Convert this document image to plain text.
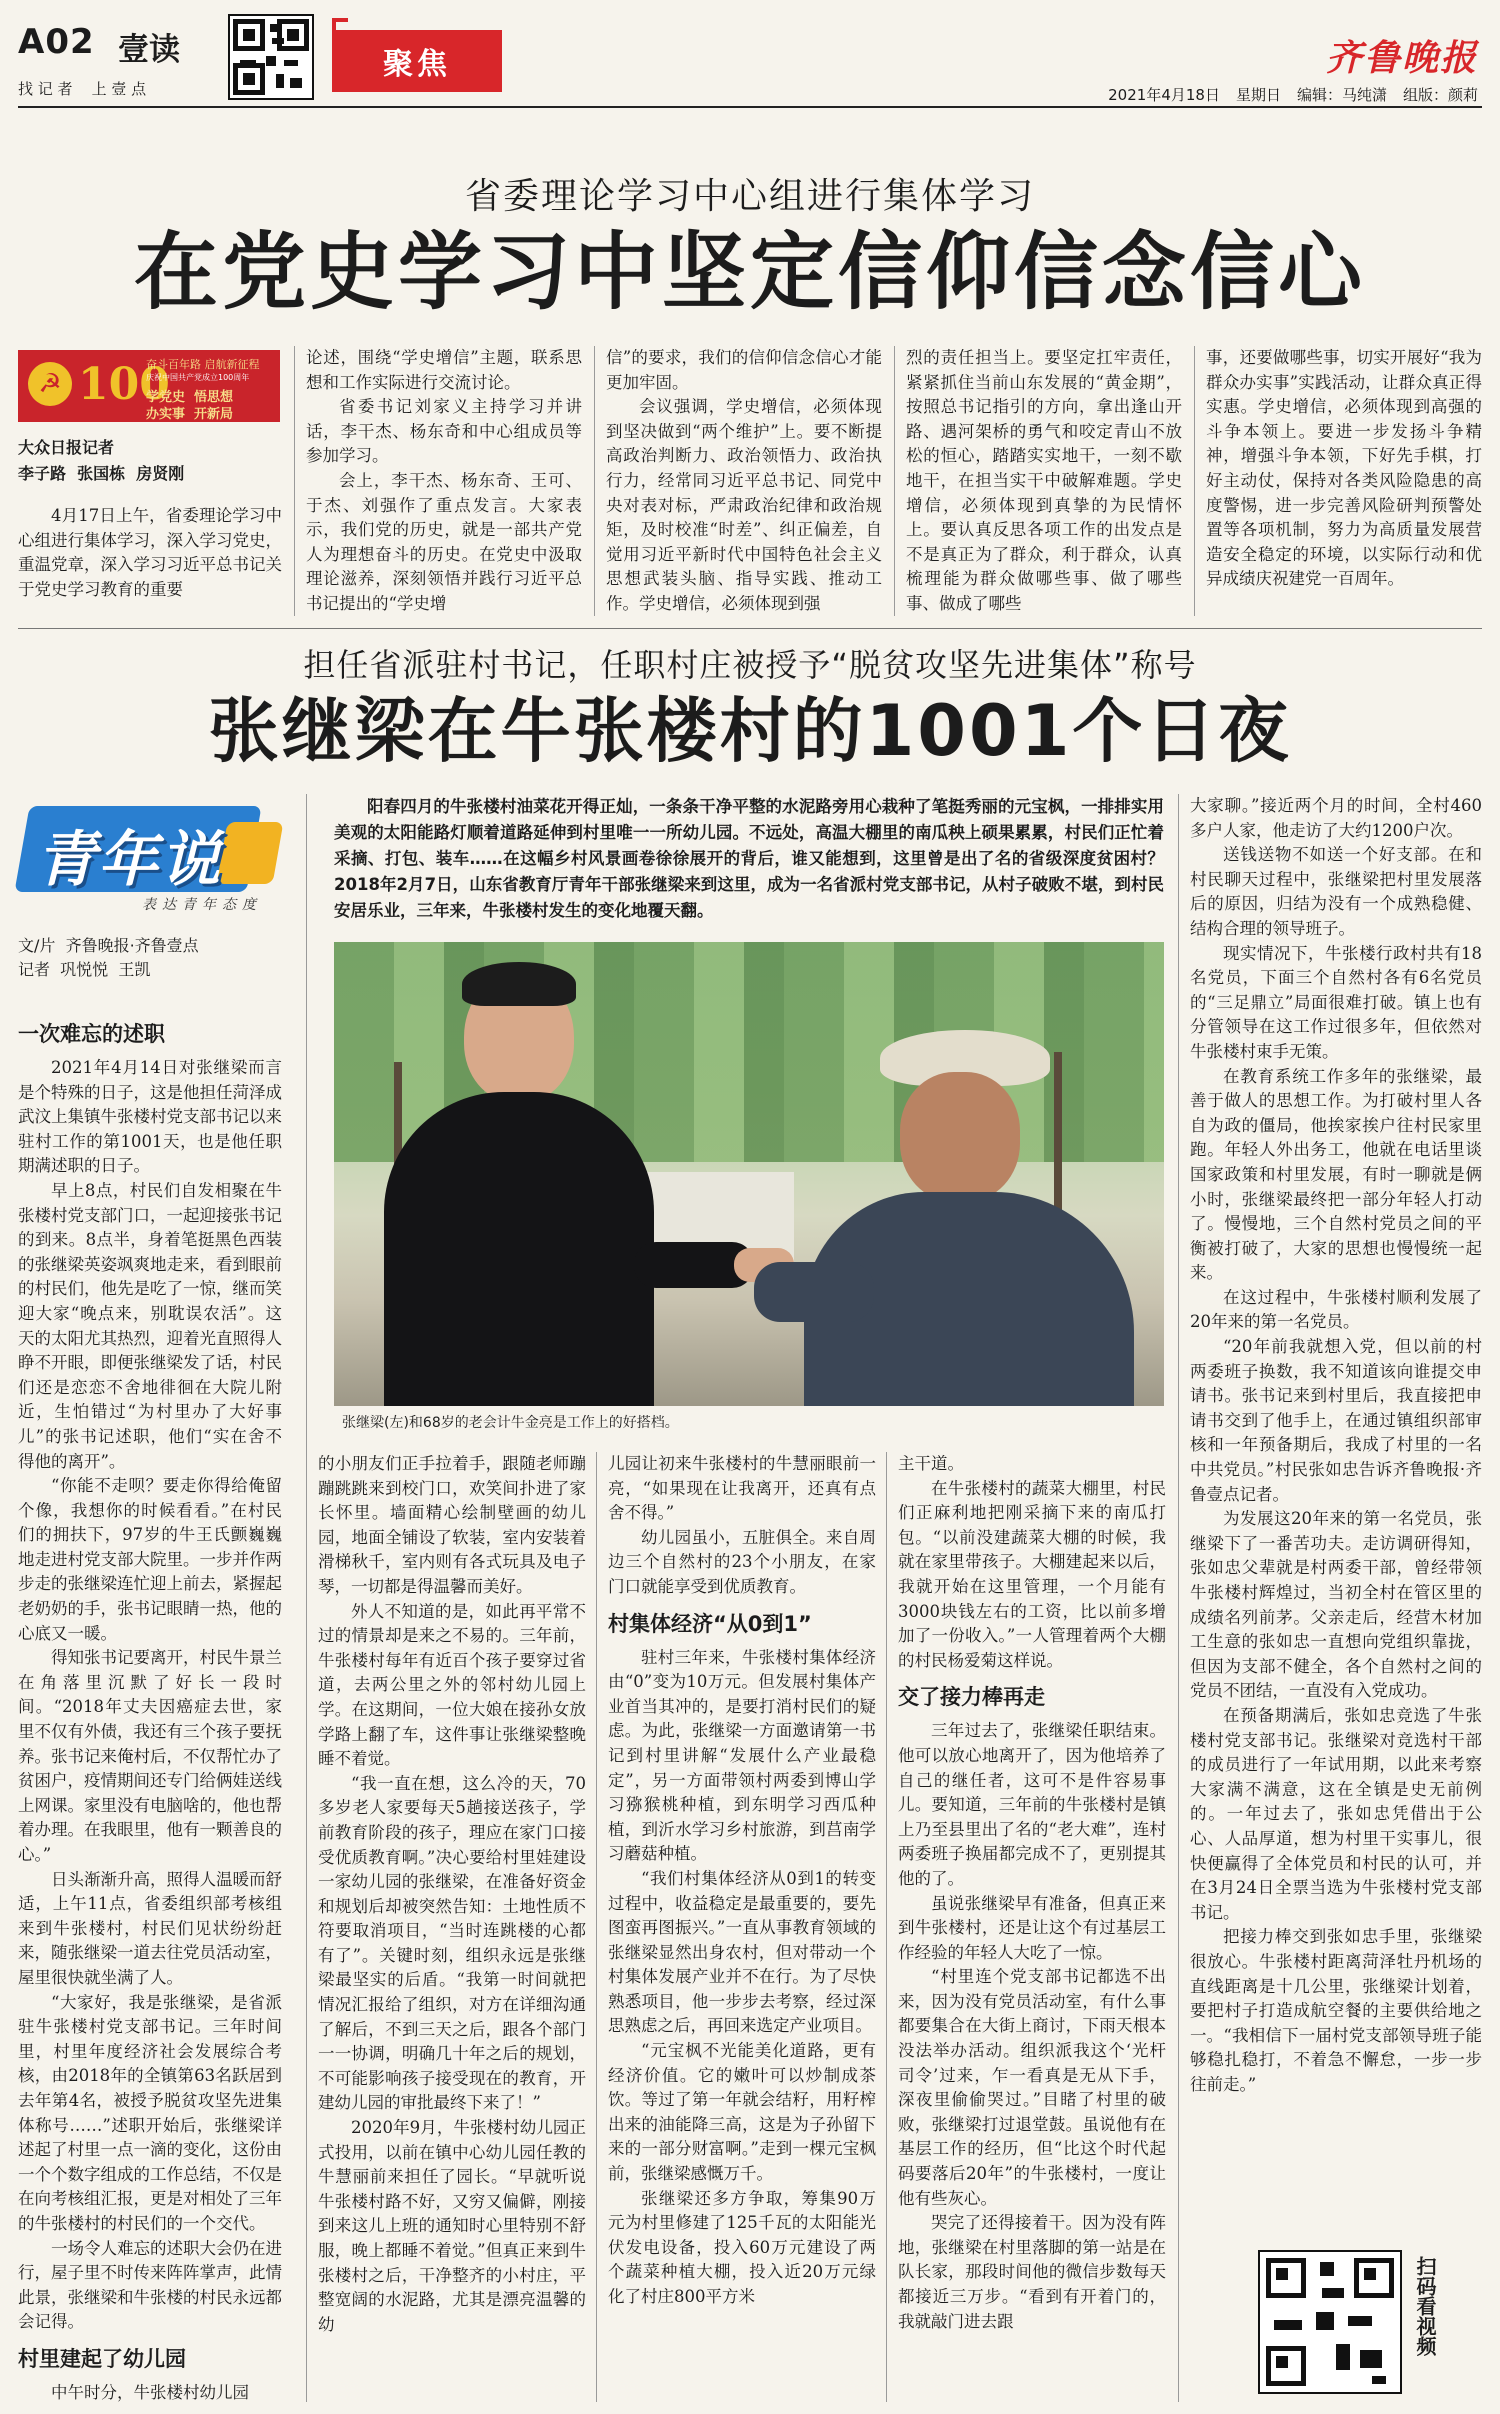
A02 壹读
找 记 者    上 壹 点
聚焦	齐鲁晚报
2021年4月18日 星期日 编辑：马纯潇 组版：颜莉
省委理论学习中心组进行集体学习
在党史学习中坚定信仰信念信心
☭ 100
奋斗百年路 启航新征程
庆祝中国共产党成立100周年
学党史  悟思想
办实事  开新局
大众日报记者
李子路  张国栋  房贤刚

4月17日上午，省委理论学习中心组进行集体学习，深入学习党史，重温党章，深入学习习近平总书记关于党史学习教育的重要

论述，围绕“学史增信”主题，联系思想和工作实际进行交流讨论。

省委书记刘家义主持学习并讲话，李干杰、杨东奇和中心组成员等参加学习。

会上，李干杰、杨东奇、王可、于杰、刘强作了重点发言。大家表示，我们党的历史，就是一部共产党人为理想奋斗的历史。在党史中汲取理论滋养，深刻领悟并践行习近平总书记提出的“学史增

信”的要求，我们的信仰信念信心才能更加牢固。

会议强调，学史增信，必须体现到坚决做到“两个维护”上。要不断提高政治判断力、政治领悟力、政治执行力，经常同习近平总书记、同党中央对表对标，严肃政治纪律和政治规矩，及时校准“时差”、纠正偏差，自觉用习近平新时代中国特色社会主义思想武装头脑、指导实践、推动工作。学史增信，必须体现到强

烈的责任担当上。要坚定扛牢责任，紧紧抓住当前山东发展的“黄金期”，按照总书记指引的方向，拿出逢山开路、遇河架桥的勇气和咬定青山不放松的恒心，踏踏实实地干，一刻不歇地干，在担当实干中破解难题。学史增信，必须体现到真挚的为民情怀上。要认真反思各项工作的出发点是不是真正为了群众，利于群众，认真梳理能为群众做哪些事、做了哪些事、做成了哪些

事，还要做哪些事，切实开展好“我为群众办实事”实践活动，让群众真正得实惠。学史增信，必须体现到高强的斗争本领上。要进一步发扬斗争精神，增强斗争本领，下好先手棋，打好主动仗，保持对各类风险隐患的高度警惕，进一步完善风险研判预警处置等各项机制，努力为高质量发展营造安全稳定的环境，以实际行动和优异成绩庆祝建党一百周年。

担任省派驻村书记，任职村庄被授予“脱贫攻坚先进集体”称号
张继梁在牛张楼村的1001个日夜
青年说
表达青年态度
文/片  齐鲁晚报·齐鲁壹点
记者  巩悦悦  王凯

阳春四月的牛张楼村油菜花开得正灿，一条条干净平整的水泥路旁用心栽种了笔挺秀丽的元宝枫，一排排实用美观的太阳能路灯顺着道路延伸到村里唯一一所幼儿园。不远处，高温大棚里的南瓜秧上硕果累累，村民们正忙着采摘、打包、装车……在这幅乡村风景画卷徐徐展开的背后，谁又能想到，这里曾是出了名的省级深度贫困村？2018年2月7日，山东省教育厅青年干部张继梁来到这里，成为一名省派村党支部书记，从村子破败不堪，到村民安居乐业，三年来，牛张楼村发生的变化地覆天翻。

张继梁(左)和68岁的老会计牛金亮是工作上的好搭档。
一次难忘的述职

2021年4月14日对张继梁而言是个特殊的日子，这是他担任菏泽成武汶上集镇牛张楼村党支部书记以来驻村工作的第1001天，也是他任职期满述职的日子。

早上8点，村民们自发相聚在牛张楼村党支部门口，一起迎接张书记的到来。8点半，身着笔挺黑色西装的张继梁英姿飒爽地走来，看到眼前的村民们，他先是吃了一惊，继而笑迎大家“晚点来，别耽误农活”。这天的太阳尤其热烈，迎着光直照得人睁不开眼，即便张继梁发了话，村民们还是恋恋不舍地徘徊在大院儿附近，生怕错过“为村里办了大好事儿”的张书记述职，他们“实在舍不得他的离开”。

“你能不走呗？要走你得给俺留个像，我想你的时候看看。”在村民们的拥扶下，97岁的牛王氏颤巍巍地走进村党支部大院里。一步并作两步走的张继梁连忙迎上前去，紧握起老奶奶的手，张书记眼睛一热，他的心底又一暖。

得知张书记要离开，村民牛景兰在角落里沉默了好长一段时间。“2018年丈夫因癌症去世，家里不仅有外债，我还有三个孩子要抚养。张书记来俺村后，不仅帮忙办了贫困户，疫情期间还专门给俩娃送线上网课。家里没有电脑啥的，他也帮着办理。在我眼里，他有一颗善良的心。”

日头渐渐升高，照得人温暖而舒适，上午11点，省委组织部考核组来到牛张楼村，村民们见状纷纷赶来，随张继梁一道去往党员活动室，屋里很快就坐满了人。

“大家好，我是张继梁，是省派驻牛张楼村党支部书记。三年时间里，村里年度经济社会发展综合考核，由2018年的全镇第63名跃居到去年第4名，被授予脱贫攻坚先进集体称号……”述职开始后，张继梁详述起了村里一点一滴的变化，这份由一个个数字组成的工作总结，不仅是在向考核组汇报，更是对相处了三年的牛张楼村的村民们的一个交代。

一场令人难忘的述职大会仍在进行，屋子里不时传来阵阵掌声，此情此景，张继梁和牛张楼的村民永远都会记得。

村里建起了幼儿园

中午时分，牛张楼村幼儿园

的小朋友们正手拉着手，跟随老师蹦蹦跳跳来到校门口，欢笑间扑进了家长怀里。墙面精心绘制壁画的幼儿园，地面全铺设了软装，室内安装着滑梯秋千，室内则有各式玩具及电子琴，一切都是得温馨而美好。

外人不知道的是，如此再平常不过的情景却是来之不易的。三年前，牛张楼村每年有近百个孩子要穿过省道，去两公里之外的邻村幼儿园上学。在这期间，一位大娘在接孙女放学路上翻了车，这件事让张继梁整晚睡不着觉。

“我一直在想，这么冷的天，70多岁老人家要每天5趟接送孩子，学前教育阶段的孩子，理应在家门口接受优质教育啊。”决心要给村里娃建设一家幼儿园的张继梁，在准备好资金和规划后却被突然告知：土地性质不符要取消项目，“当时连跳楼的心都有了”。关键时刻，组织永远是张继梁最坚实的后盾。“我第一时间就把情况汇报给了组织，对方在详细沟通了解后，不到三天之后，跟各个部门一一协调，明确几十年之后的规划，不可能影响孩子接受现在的教育，开建幼儿园的审批最终下来了！”

2020年9月，牛张楼村幼儿园正式投用，以前在镇中心幼儿园任教的牛慧丽前来担任了园长。“早就听说牛张楼村路不好，又穷又偏僻，刚接到来这儿上班的通知时心里特别不舒服，晚上都睡不着觉。”但真正来到牛张楼村之后，干净整齐的小村庄，平整宽阔的水泥路，尤其是漂亮温馨的幼

儿园让初来牛张楼村的牛慧丽眼前一亮，“如果现在让我离开，还真有点舍不得。”

幼儿园虽小，五脏俱全。来自周边三个自然村的23个小朋友，在家门口就能享受到优质教育。

村集体经济“从0到1”

驻村三年来，牛张楼村集体经济由“0”变为10万元。但发展村集体产业首当其冲的，是要打消村民们的疑虑。为此，张继梁一方面邀请第一书记到村里讲解“发展什么产业最稳定”，另一方面带领村两委到博山学习猕猴桃种植，到东明学习西瓜种植，到沂水学习乡村旅游，到莒南学习蘑菇种植。

“我们村集体经济从0到1的转变过程中，收益稳定是最重要的，要先图蛮再图振兴。”一直从事教育领域的张继梁显然出身农村，但对带动一个村集体发展产业并不在行。为了尽快熟悉项目，他一步步去考察，经过深思熟虑之后，再回来选定产业项目。

“元宝枫不光能美化道路，更有经济价值。它的嫩叶可以炒制成茶饮。等过了第一年就会结籽，用籽榨出来的油能降三高，这是为子孙留下来的一部分财富啊。”走到一棵元宝枫前，张继梁感慨万千。

张继梁还多方争取，筹集90万元为村里修建了125千瓦的太阳能光伏发电设备，投入60万元建设了两个蔬菜种植大棚，投入近20万元绿化了村庄800平方米

主干道。

在牛张楼村的蔬菜大棚里，村民们正麻利地把刚采摘下来的南瓜打包。“以前没建蔬菜大棚的时候，我就在家里带孩子。大棚建起来以后，我就开始在这里管理，一个月能有3000块钱左右的工资，比以前多增加了一份收入。”一人管理着两个大棚的村民杨爱菊这样说。

交了接力棒再走

三年过去了，张继梁任职结束。他可以放心地离开了，因为他培养了自己的继任者，这可不是件容易事儿。要知道，三年前的牛张楼村是镇上乃至县里出了名的“老大难”，连村两委班子换届都完成不了，更别提其他的了。

虽说张继梁早有准备，但真正来到牛张楼村，还是让这个有过基层工作经验的年轻人大吃了一惊。

“村里连个党支部书记都选不出来，因为没有党员活动室，有什么事都要集合在大街上商讨，下雨天根本没法举办活动。组织派我这个‘光杆司令’过来，乍一看真是无从下手，深夜里偷偷哭过。”目睹了村里的破败，张继梁打过退堂鼓。虽说他有在基层工作的经历，但“比这个时代起码要落后20年”的牛张楼村，一度让他有些灰心。

哭完了还得接着干。因为没有阵地，张继梁在村里落脚的第一站是在队长家，那段时间他的微信步数每天都接近三万步。“看到有开着门的，我就敲门进去跟

大家聊。”接近两个月的时间，全村460多户人家，他走访了大约1200户次。

送钱送物不如送一个好支部。在和村民聊天过程中，张继梁把村里发展落后的原因，归结为没有一个成熟稳健、结构合理的领导班子。

现实情况下，牛张楼行政村共有18名党员，下面三个自然村各有6名党员的“三足鼎立”局面很难打破。镇上也有分管领导在这工作过很多年，但依然对牛张楼村束手无策。

在教育系统工作多年的张继梁，最善于做人的思想工作。为打破村里人各自为政的僵局，他挨家挨户往村民家里跑。年轻人外出务工，他就在电话里谈国家政策和村里发展，有时一聊就是俩小时，张继梁最终把一部分年轻人打动了。慢慢地，三个自然村党员之间的平衡被打破了，大家的思想也慢慢统一起来。

在这过程中，牛张楼村顺利发展了20年来的第一名党员。

“20年前我就想入党，但以前的村两委班子换数，我不知道该向谁提交申请书。张书记来到村里后，我直接把申请书交到了他手上，在通过镇组织部审核和一年预备期后，我成了村里的一名中共党员。”村民张如忠告诉齐鲁晚报·齐鲁壹点记者。

为发展这20年来的第一名党员，张继梁下了一番苦功夫。走访调研得知，张如忠父辈就是村两委干部，曾经带领牛张楼村辉煌过，当初全村在管区里的成绩名列前茅。父亲走后，经营木材加工生意的张如忠一直想向党组织靠拢，但因为支部不健全，各个自然村之间的党员不团结，一直没有入党成功。

在预备期满后，张如忠竞选了牛张楼村党支部书记。张继梁对竞选村干部的成员进行了一年试用期，以此来考察大家满不满意，这在全镇是史无前例的。一年过去了，张如忠凭借出于公心、人品厚道，想为村里干实事儿，很快便赢得了全体党员和村民的认可，并在3月24日全票当选为牛张楼村党支部书记。

把接力棒交到张如忠手里，张继梁很放心。牛张楼村距离菏泽牡丹机场的直线距离是十几公里，张继梁计划着，要把村子打造成航空餐的主要供给地之一。“我相信下一届村党支部领导班子能够稳扎稳打，不着急不懈怠，一步一步往前走。”

扫码看视频
